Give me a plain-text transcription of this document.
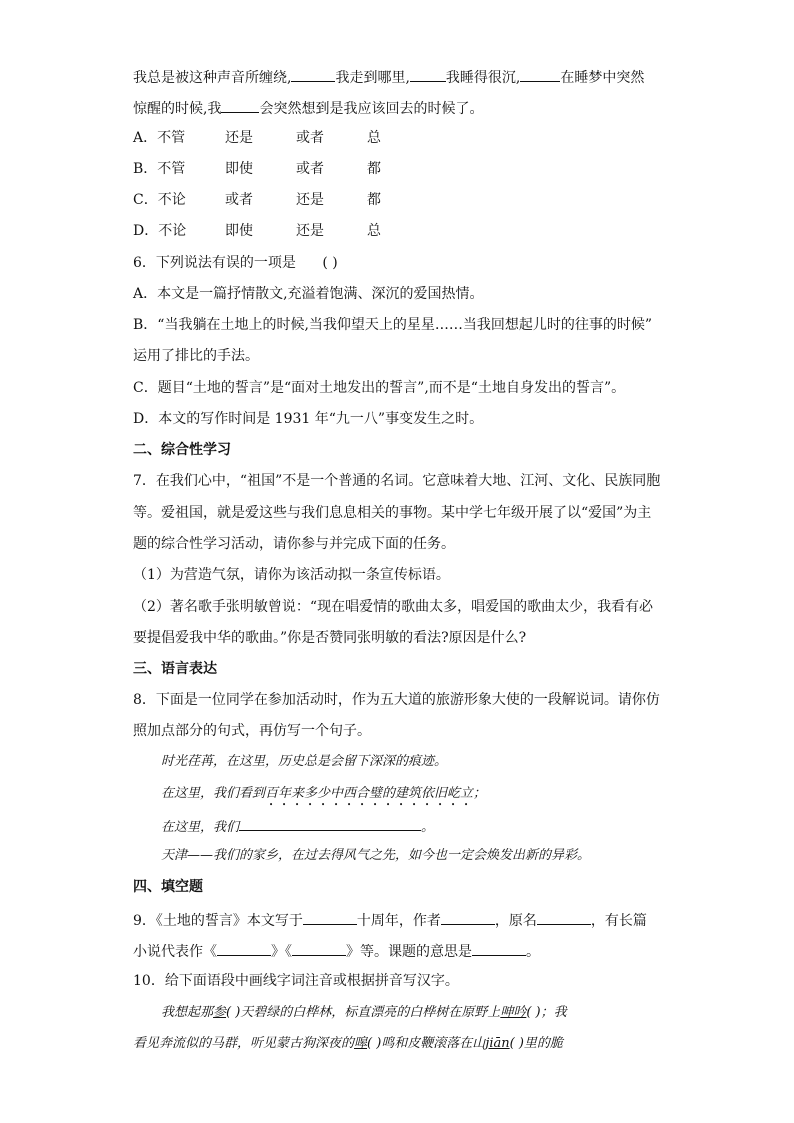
我总是被这种声音所缠绕,	我走到哪里,	我睡得很沉,	在睡梦中突然
惊醒的时候,我	会突然想到是我应该回去的时候了。
A．不管	还是	或者	总
B．不管	即使	或者	都
C．不论	或者	还是	都
D．不论	即使	还是	总
6．下列说法有误的一项是 ( )
A．本文是一篇抒情散文,充溢着饱满、深沉的爱国热情。
B．“当我躺在土地上的时候,当我仰望天上的星星……当我回想起儿时的往事的时候”
运用了排比的手法。
C．题目“土地的誓言”是“面对土地发出的誓言”,而不是“土地自身发出的誓言”。
D．本文的写作时间是 1931 年“九一八”事变发生之时。
二、综合性学习
7．在我们心中，“祖国”不是一个普通的名词。它意味着大地、江河、文化、民族同胞
等。爱祖国，就是爱这些与我们息息相关的事物。某中学七年级开展了以“爱国”为主
题的综合性学习活动，请你参与并完成下面的任务。
（1）为营造气氛，请你为该活动拟一条宣传标语。
（2）著名歌手张明敏曾说：“现在唱爱情的歌曲太多，唱爱国的歌曲太少，我看有必
要提倡爱我中华的歌曲。”你是否赞同张明敏的看法?原因是什么?
三、语言表达
8．下面是一位同学在参加活动时，作为五大道的旅游形象大使的一段解说词。请你仿
照加点部分的句式，再仿写一个句子。
时光荏苒，在这里，历史总是会留下深深的痕迹。
在这里，我们看到百年来多少中西合璧的建筑依旧屹立；
在这里，我们	。
天津——我们的家乡，在过去得风气之先，如今也一定会焕发出新的异彩。
四、填空题
9．《土地的誓言》本文写于	十周年，作者	，原名	，有长篇
小说代表作《	》《	》等。课题的意思是	。
10．给下面语段中画线字词注音或根据拼音写汉字。
我想起那参( )天碧绿的白桦林，标直漂亮的白桦树在原野上呻吟( )；我
看见奔流似的马群，听见蒙古狗深夜的嗥( )鸣和皮鞭滚落在山jiān( )里的脆
